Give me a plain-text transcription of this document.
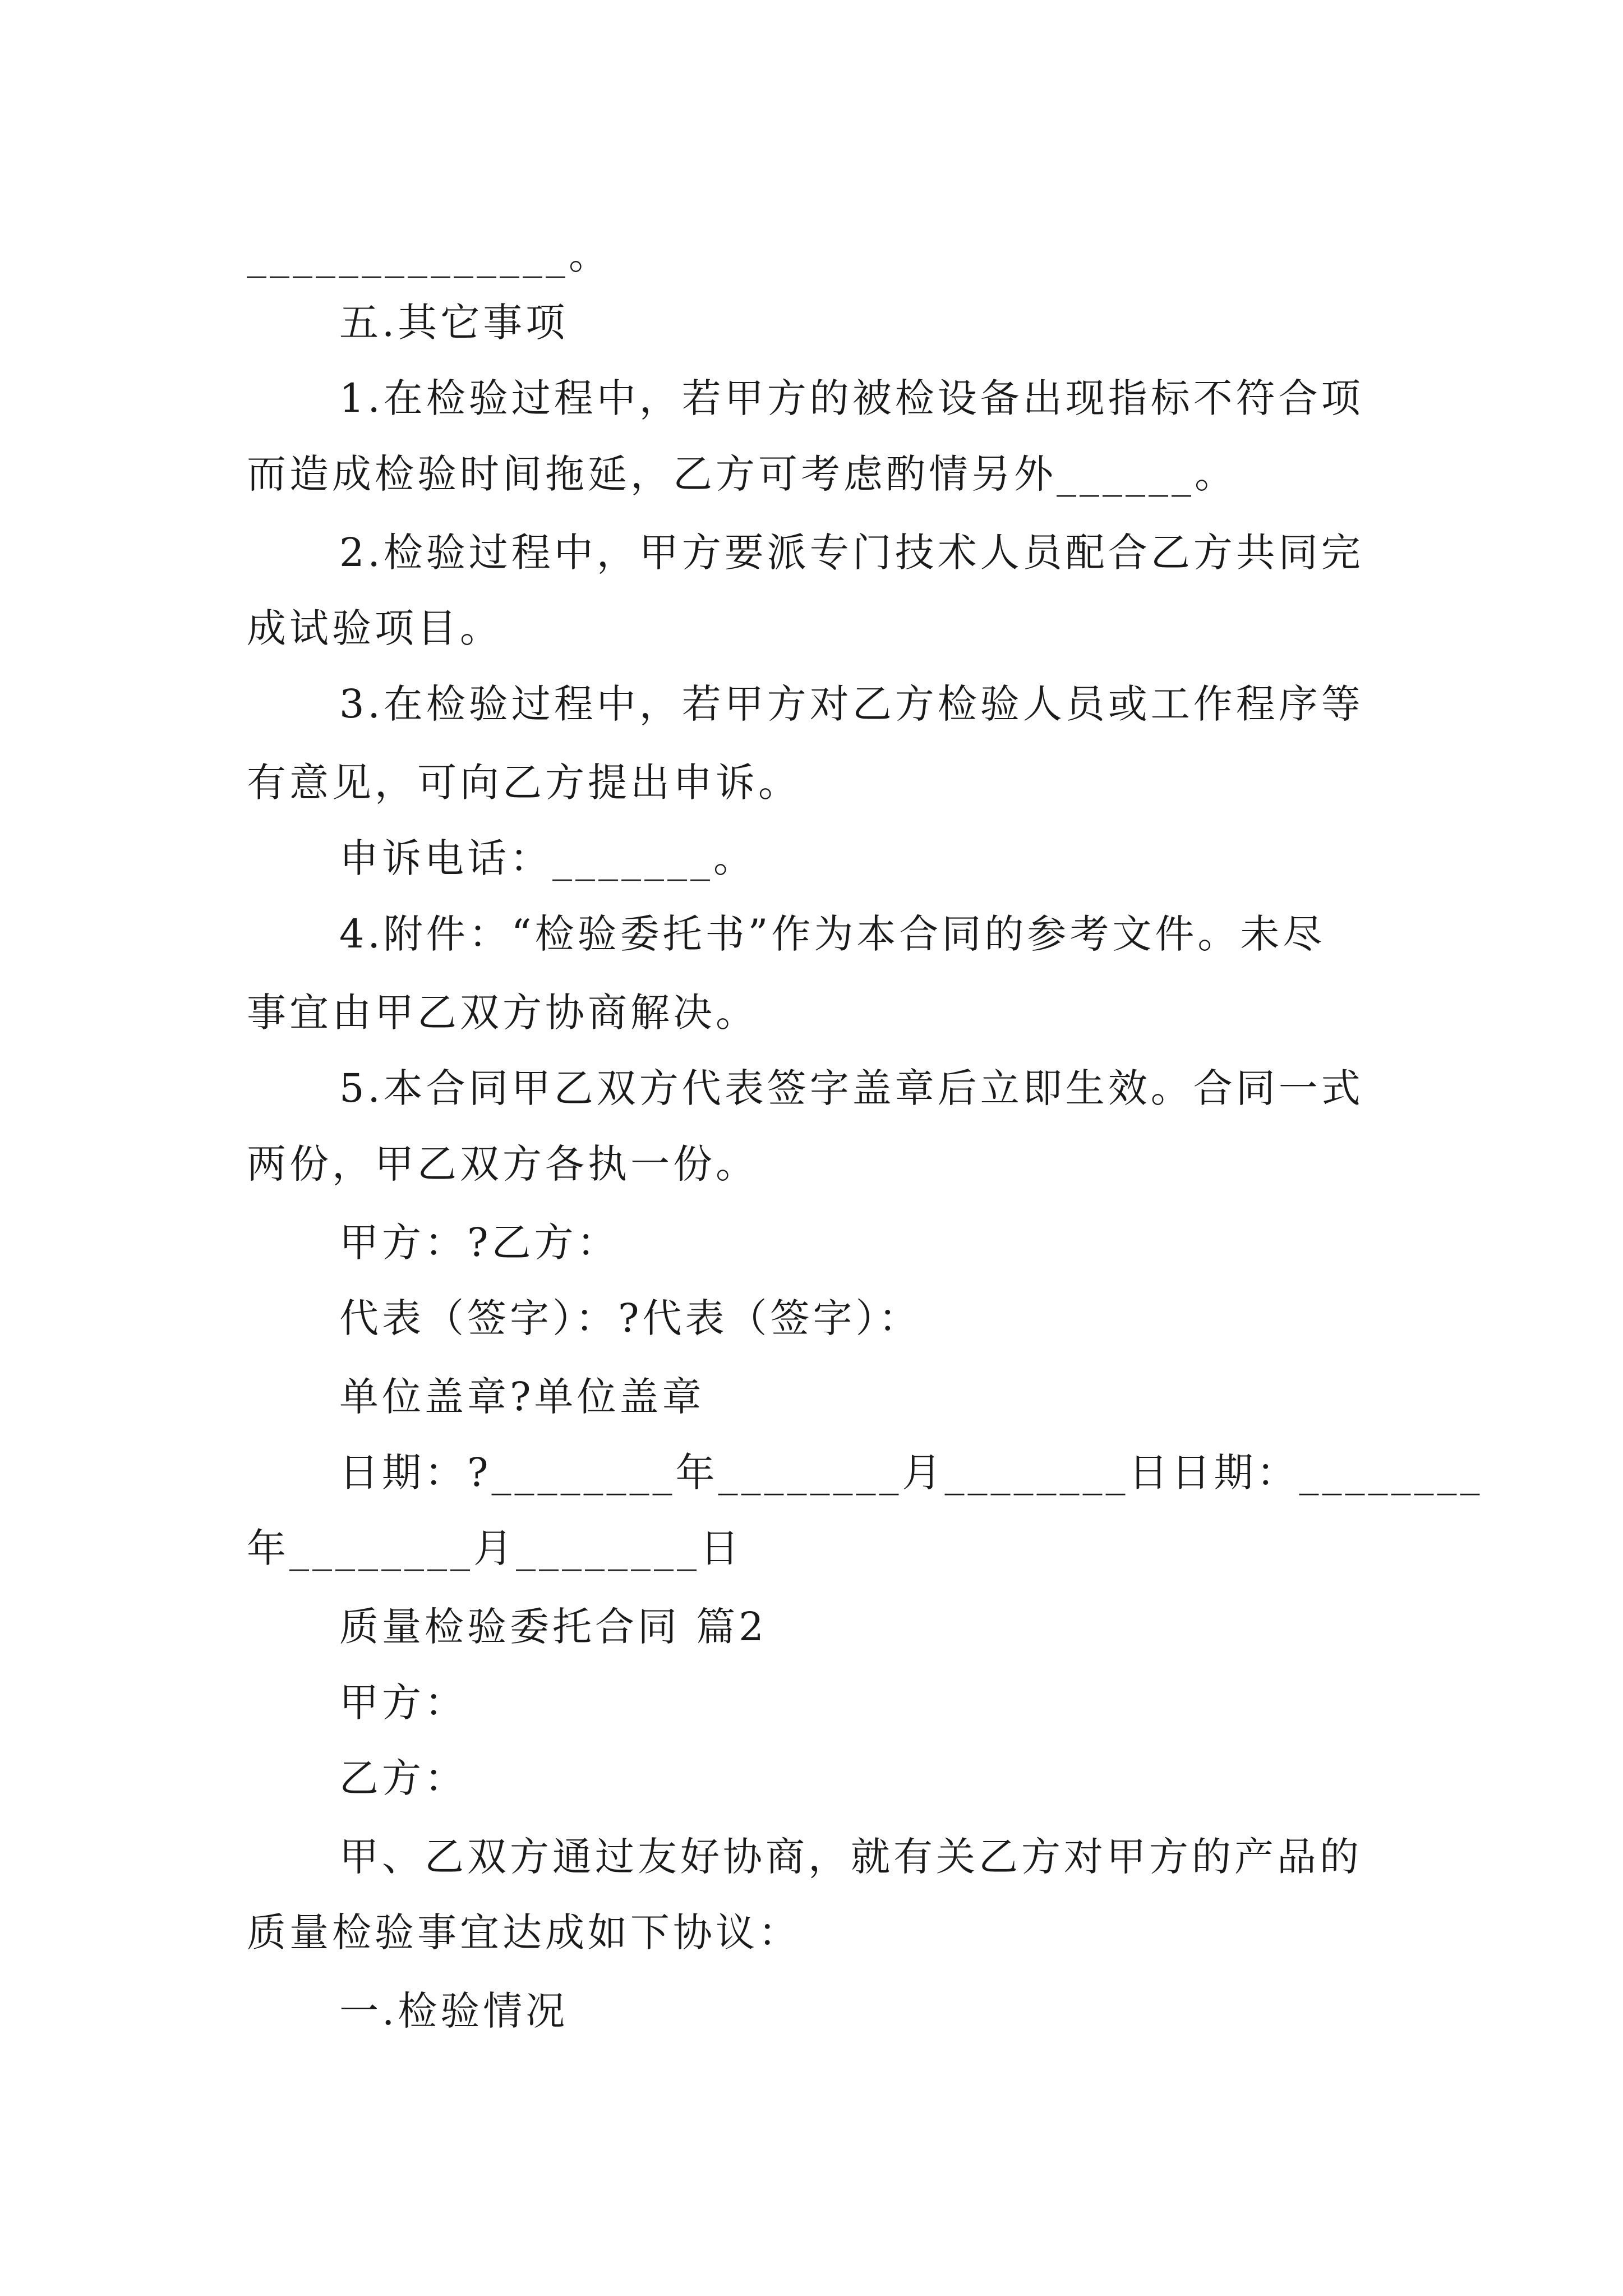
______________。
五.其它事项
1.在检验过程中，若甲方的被检设备出现指标不符合项
而造成检验时间拖延，乙方可考虑酌情另外______。
2.检验过程中，甲方要派专门技术人员配合乙方共同完
成试验项目。
3.在检验过程中，若甲方对乙方检验人员或工作程序等
有意见，可向乙方提出申诉。
申诉电话：_______。
4.附件：“检验委托书”作为本合同的参考文件。未尽
事宜由甲乙双方协商解决。
5.本合同甲乙双方代表签字盖章后立即生效。合同一式
两份，甲乙双方各执一份。
甲方：?乙方：
代表（签字）：?代表（签字）：
单位盖章?单位盖章
日期：?________年________月________日日期：________
年________月________日
质量检验委托合同 篇2
甲方：
乙方：
甲、乙双方通过友好协商，就有关乙方对甲方的产品的
质量检验事宜达成如下协议：
一.检验情况
